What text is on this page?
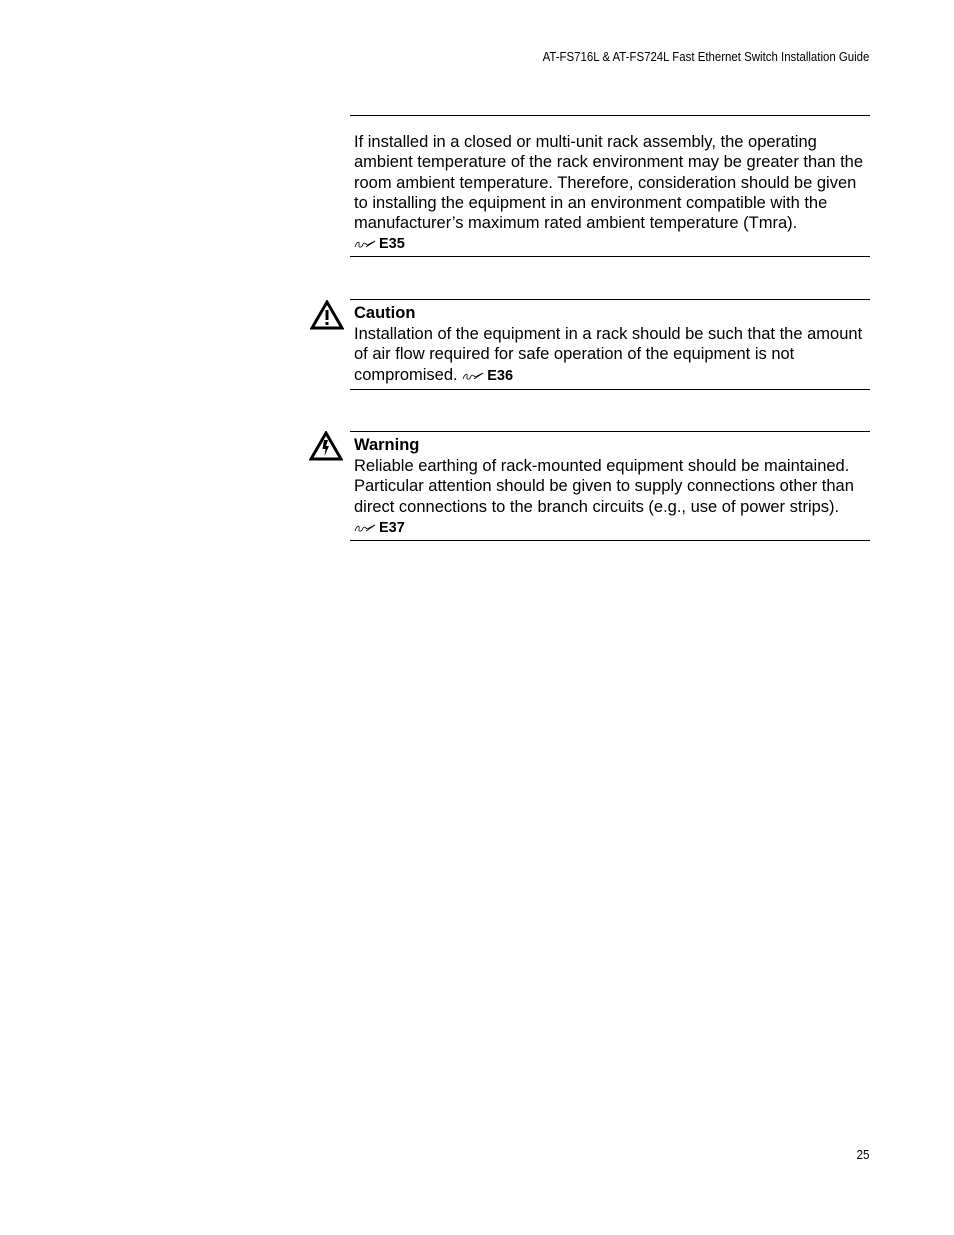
AT-FS716L & AT-FS724L Fast Ethernet Switch Installation Guide

If installed in a closed or multi-unit rack assembly, the operating ambient temperature of the rack environment may be greater than the room ambient temperature. Therefore, consideration should be given to installing the equipment in an environment compatible with the manufacturer’s maximum rated ambient temperature (Tmra).

E35

Caution

Installation of the equipment in a rack should be such that the amount of air flow required for safe operation of the equipment is not compromised. E36

Warning

Reliable earthing of rack-mounted equipment should be maintained. Particular attention should be given to supply connections other than direct connections to the branch circuits (e.g., use of power strips).

E37

25
